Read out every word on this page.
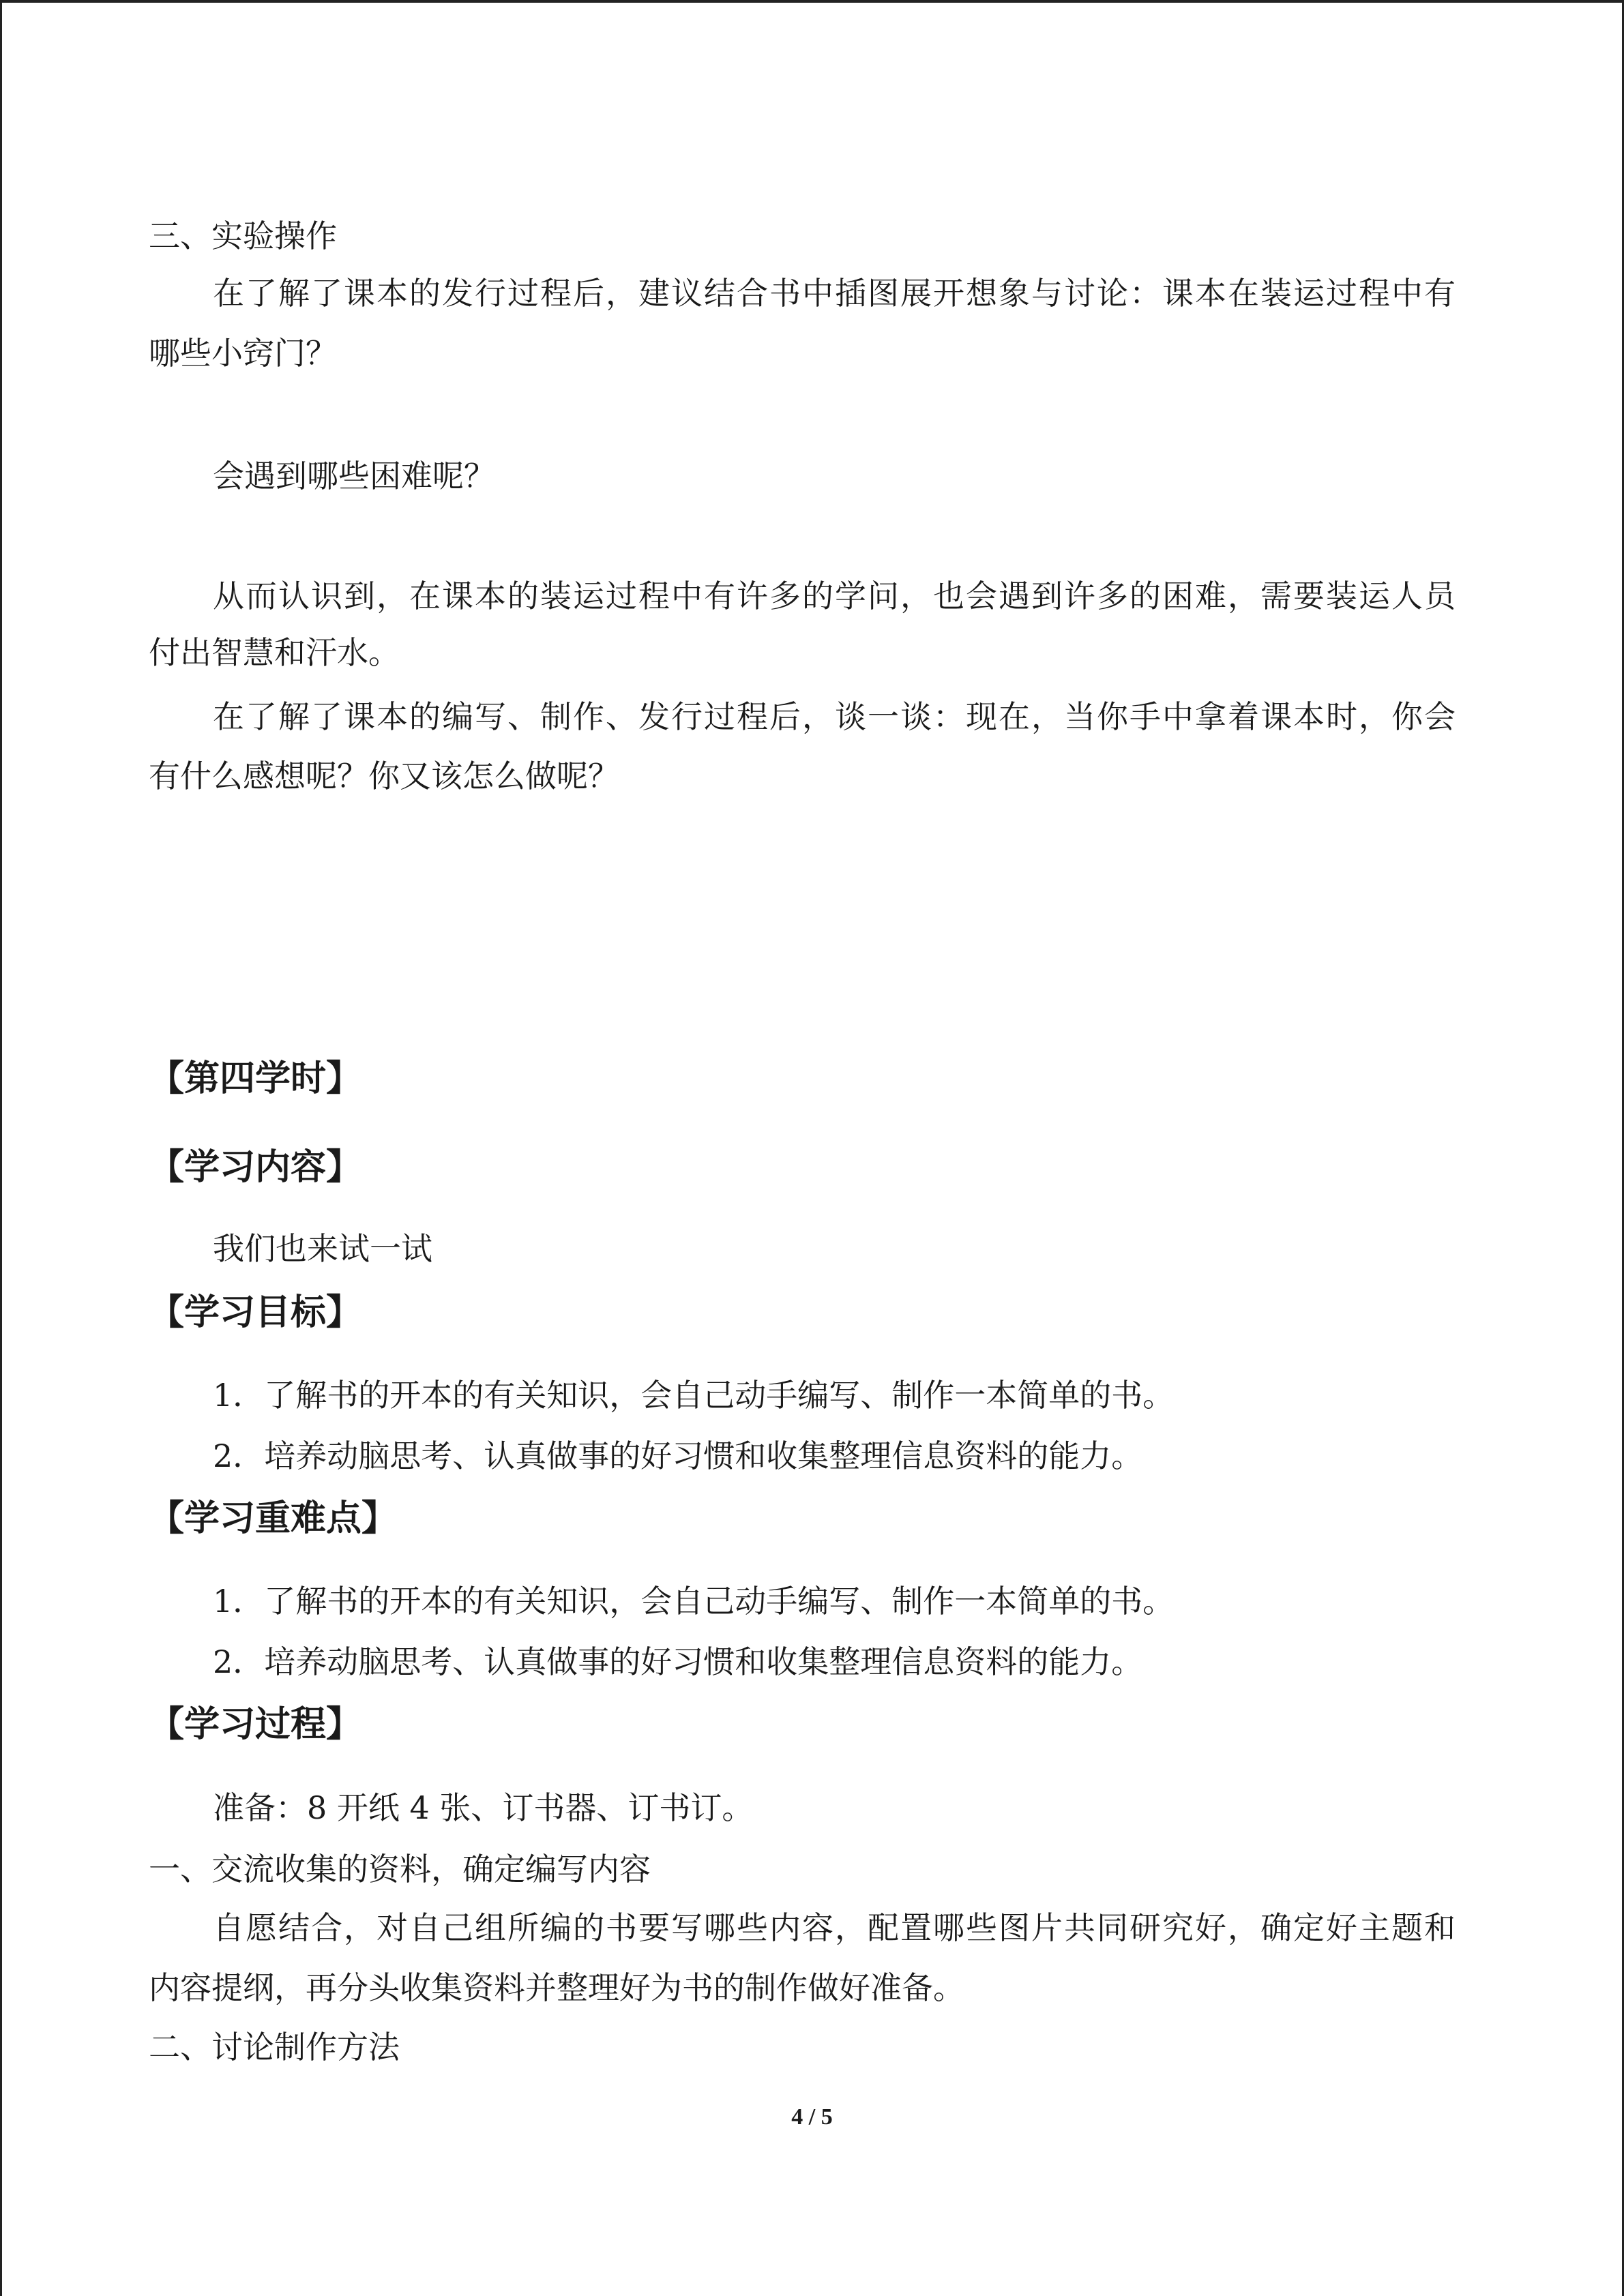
三、实验操作
在了解了课本的发行过程后，建议结合书中插图展开想象与讨论：课本在装运过程中有
哪些小窍门？
会遇到哪些困难呢？
从而认识到，在课本的装运过程中有许多的学问，也会遇到许多的困难，需要装运人员
付出智慧和汗水。
在了解了课本的编写、制作、发行过程后，谈一谈：现在，当你手中拿着课本时，你会
有什么感想呢？你又该怎么做呢？
【第四学时】
【学习内容】
我们也来试一试
【学习目标】
1．了解书的开本的有关知识，会自己动手编写、制作一本简单的书。
2．培养动脑思考、认真做事的好习惯和收集整理信息资料的能力。
【学习重难点】
1．了解书的开本的有关知识，会自己动手编写、制作一本简单的书。
2．培养动脑思考、认真做事的好习惯和收集整理信息资料的能力。
【学习过程】
准备：8 开纸 4 张、订书器、订书订。
一、交流收集的资料，确定编写内容
自愿结合，对自己组所编的书要写哪些内容，配置哪些图片共同研究好，确定好主题和
内容提纲，再分头收集资料并整理好为书的制作做好准备。
二、讨论制作方法
4 / 5
